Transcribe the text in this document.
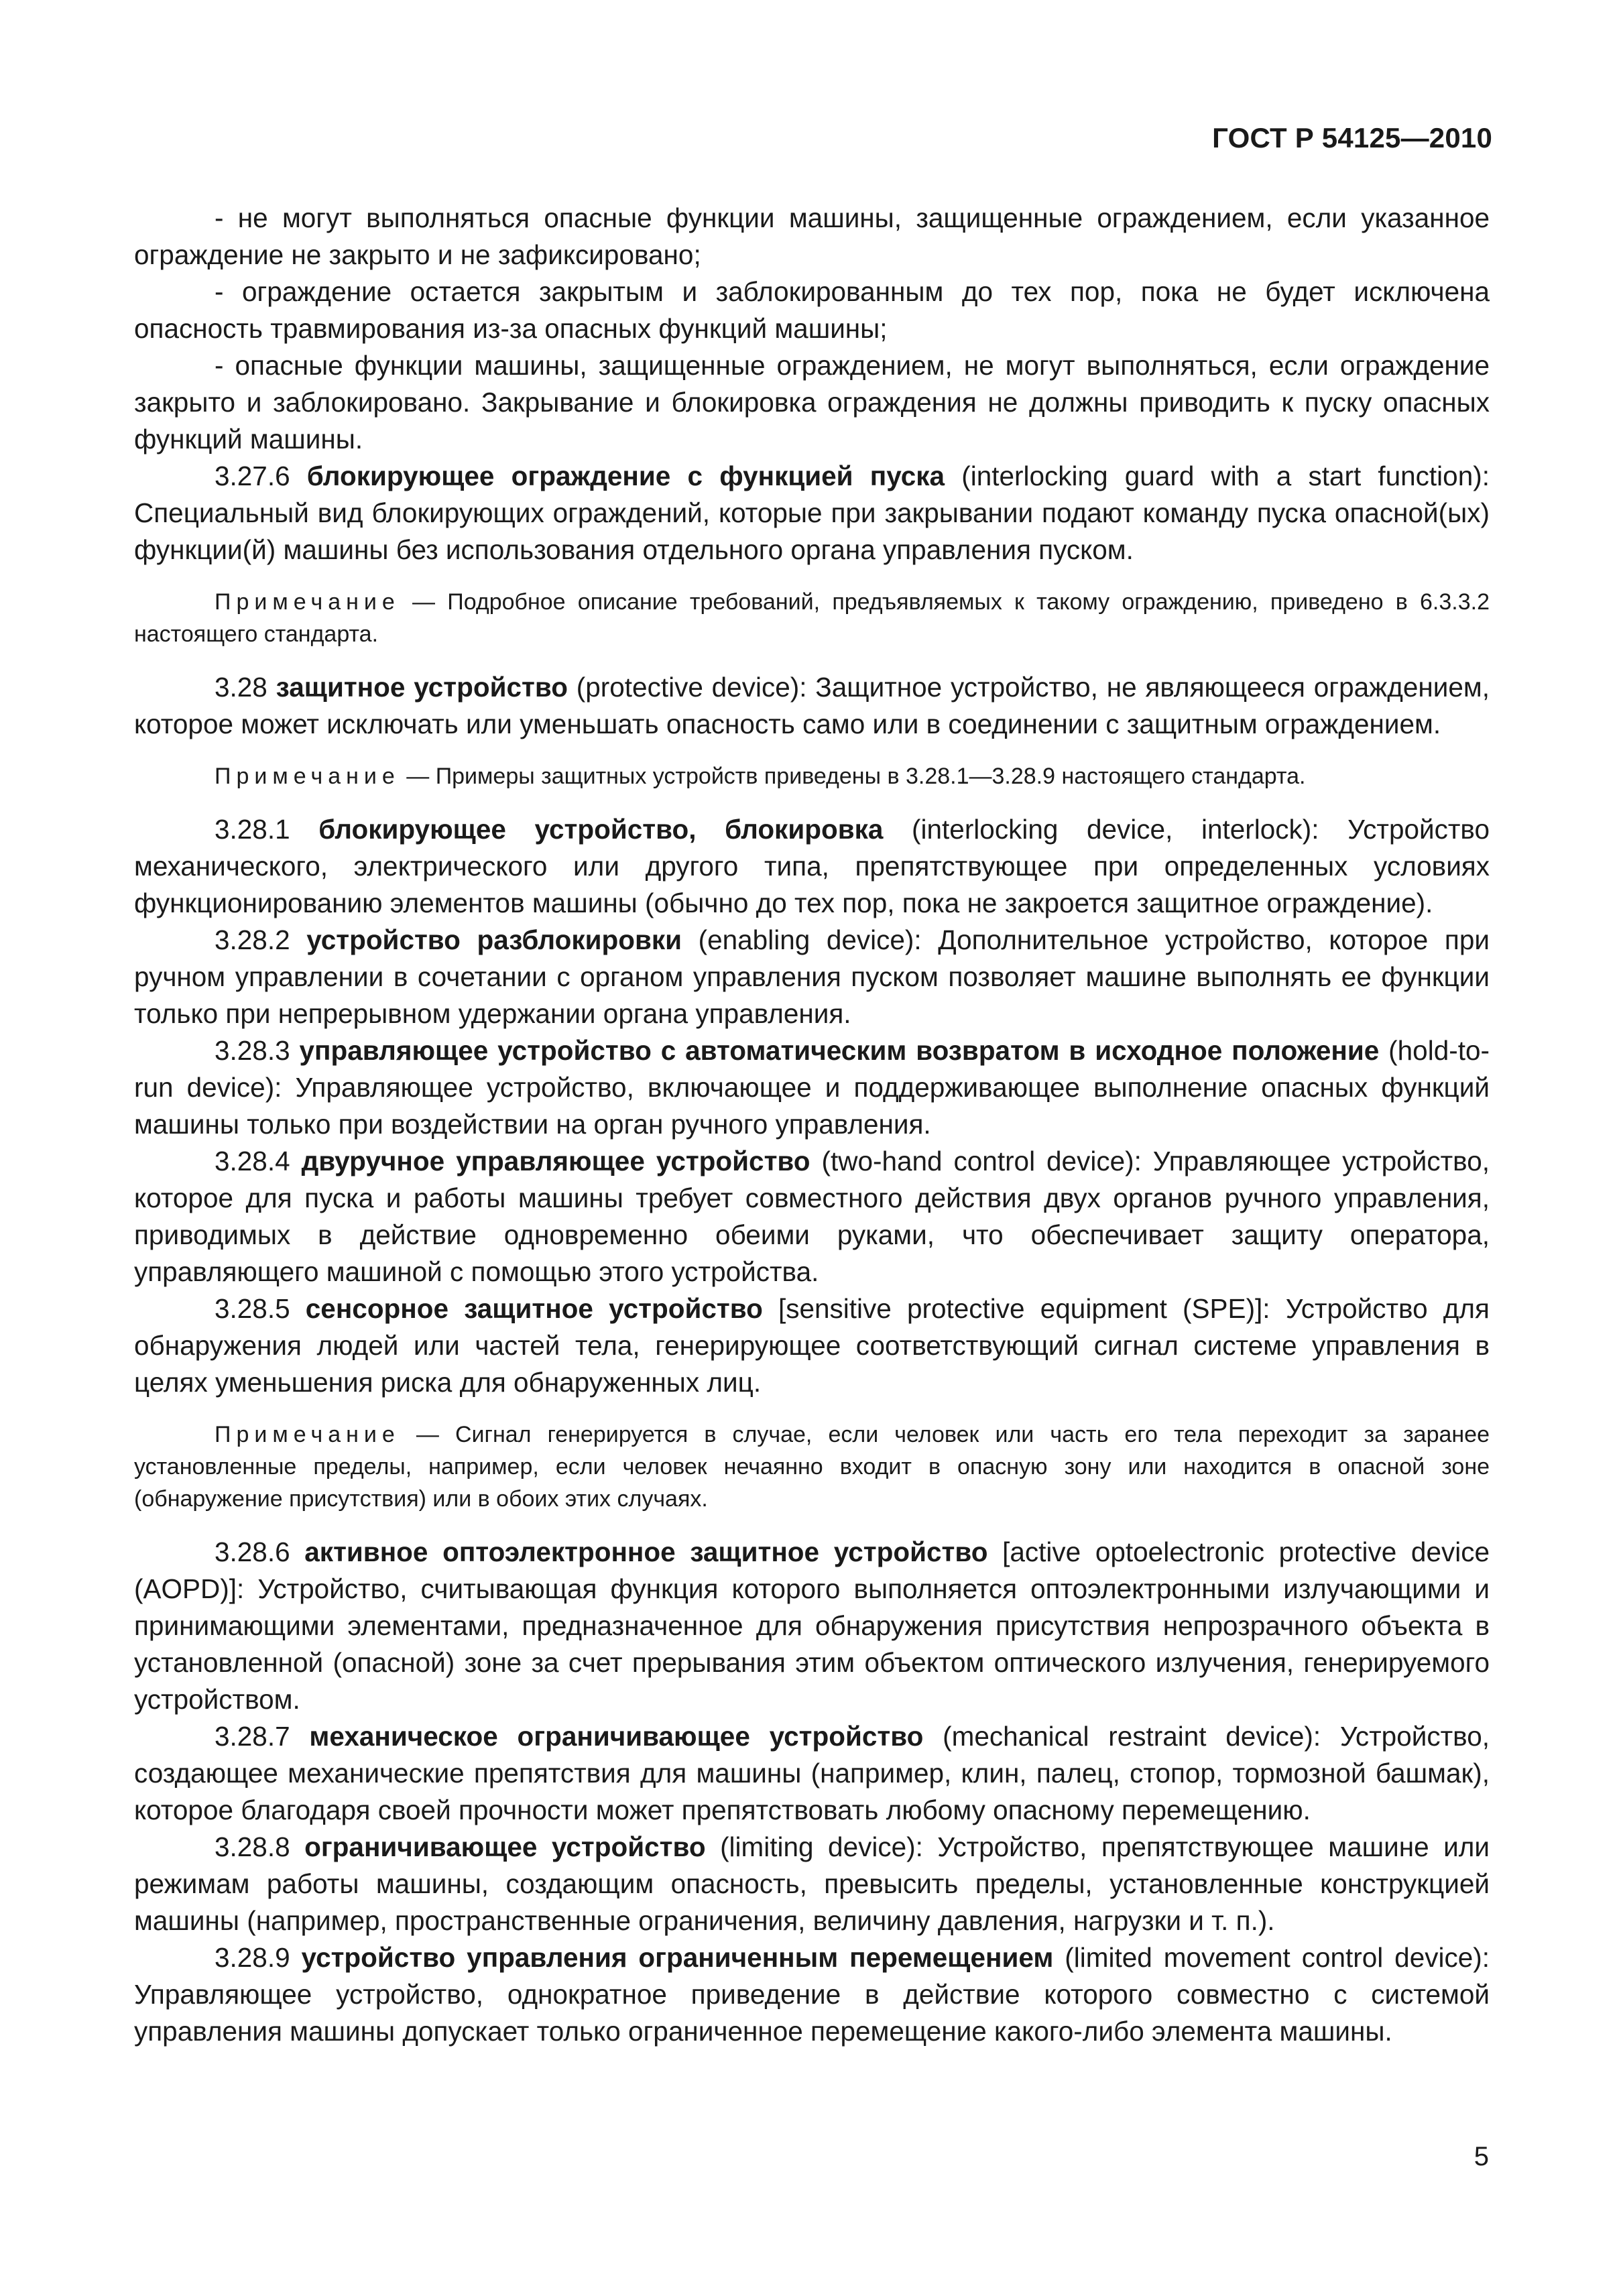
ГОСТ Р 54125—2010

- не могут выполняться опасные функции машины, защищенные ограждением, если указанное ограждение не закрыто и не зафиксировано;

- ограждение остается закрытым и заблокированным до тех пор, пока не будет исключена опасность травмирования из-за опасных функций машины;

- опасные функции машины, защищенные ограждением, не могут выполняться, если ограждение закрыто и заблокировано. Закрывание и блокировка ограждения не должны приводить к пуску опасных функций машины.

3.27.6 блокирующее ограждение с функцией пуска (interlocking guard with a start function): Специальный вид блокирующих ограждений, которые при закрывании подают команду пуска опасной(ых) функции(й) машины без использования отдельного органа управления пуском.

Примечание — Подробное описание требований, предъявляемых к такому ограждению, приведено в 6.3.3.2 настоящего стандарта.

3.28 защитное устройство (protective device): Защитное устройство, не являющееся ограждением, которое может исключать или уменьшать опасность само или в соединении с защитным ограждением.

Примечание — Примеры защитных устройств приведены в 3.28.1—3.28.9 настоящего стандарта.

3.28.1 блокирующее устройство, блокировка (interlocking device, interlock): Устройство механического, электрического или другого типа, препятствующее при определенных условиях функционированию элементов машины (обычно до тех пор, пока не закроется защитное ограждение).

3.28.2 устройство разблокировки (enabling device): Дополнительное устройство, которое при ручном управлении в сочетании с органом управления пуском позволяет машине выполнять ее функции только при непрерывном удержании органа управления.

3.28.3 управляющее устройство с автоматическим возвратом в исходное положение (hold-to-run device): Управляющее устройство, включающее и поддерживающее выполнение опасных функций машины только при воздействии на орган ручного управления.

3.28.4 двуручное управляющее устройство (two-hand control device): Управляющее устройство, которое для пуска и работы машины требует совместного действия двух органов ручного управления, приводимых в действие одновременно обеими руками, что обеспечивает защиту оператора, управляющего машиной с помощью этого устройства.

3.28.5 сенсорное защитное устройство [sensitive protective equipment (SPE)]: Устройство для обнаружения людей или частей тела, генерирующее соответствующий сигнал системе управления в целях уменьшения риска для обнаруженных лиц.

Примечание — Сигнал генерируется в случае, если человек или часть его тела переходит за заранее установленные пределы, например, если человек нечаянно входит в опасную зону или находится в опасной зоне (обнаружение присутствия) или в обоих этих случаях.

3.28.6 активное оптоэлектронное защитное устройство [active optoelectronic protective device (AOPD)]: Устройство, считывающая функция которого выполняется оптоэлектронными излучающими и принимающими элементами, предназначенное для обнаружения присутствия непрозрачного объекта в установленной (опасной) зоне за счет прерывания этим объектом оптического излучения, генерируемого устройством.

3.28.7 механическое ограничивающее устройство (mechanical restraint device): Устройство, создающее механические препятствия для машины (например, клин, палец, стопор, тормозной башмак), которое благодаря своей прочности может препятствовать любому опасному перемещению.

3.28.8 ограничивающее устройство (limiting device): Устройство, препятствующее машине или режимам работы машины, создающим опасность, превысить пределы, установленные конструкцией машины (например, пространственные ограничения, величину давления, нагрузки и т. п.).

3.28.9 устройство управления ограниченным перемещением (limited movement control device): Управляющее устройство, однократное приведение в действие которого совместно с системой управления машины допускает только ограниченное перемещение какого-либо элемента машины.

5
